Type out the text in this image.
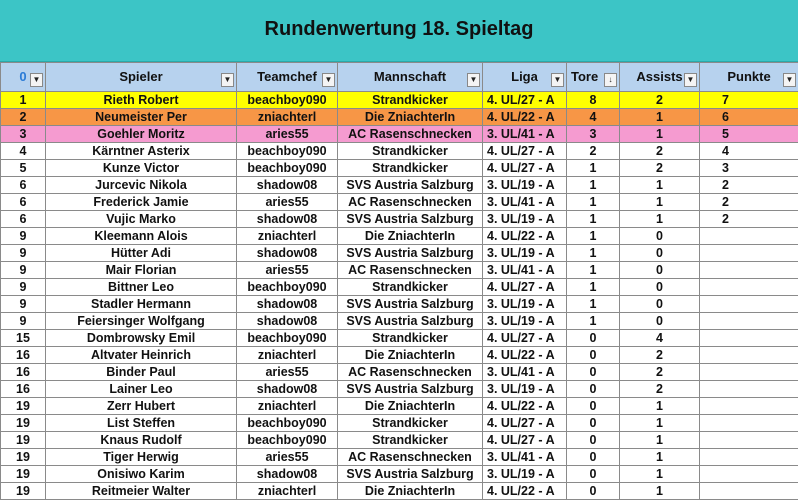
Rundenwertung 18. Spieltag
0 ▼	Spieler ▼	Teamchef ▼	Mannschaft ▼	Liga ▼	Tore ↓	Assists ▼	Punkte ▼

1	Rieth Robert	beachboy090	Strandkicker	4. UL/27 - A	8	2	7
2	Neumeister Per	zniachterl	Die ZniachterIn	4. UL/22 - A	4	1	6
3	Goehler Moritz	aries55	AC Rasenschnecken	3. UL/41 - A	3	1	5
4	Kärntner Asterix	beachboy090	Strandkicker	4. UL/27 - A	2	2	4
5	Kunze Victor	beachboy090	Strandkicker	4. UL/27 - A	1	2	3
6	Jurcevic Nikola	shadow08	SVS Austria Salzburg	3. UL/19 - A	1	1	2
6	Frederick Jamie	aries55	AC Rasenschnecken	3. UL/41 - A	1	1	2
6	Vujic Marko	shadow08	SVS Austria Salzburg	3. UL/19 - A	1	1	2
9	Kleemann Alois	zniachterl	Die ZniachterIn	4. UL/22 - A	1	0	
9	Hütter Adi	shadow08	SVS Austria Salzburg	3. UL/19 - A	1	0	
9	Mair Florian	aries55	AC Rasenschnecken	3. UL/41 - A	1	0	
9	Bittner Leo	beachboy090	Strandkicker	4. UL/27 - A	1	0	
9	Stadler Hermann	shadow08	SVS Austria Salzburg	3. UL/19 - A	1	0	
9	Feiersinger Wolfgang	shadow08	SVS Austria Salzburg	3. UL/19 - A	1	0	
15	Dombrowsky Emil	beachboy090	Strandkicker	4. UL/27 - A	0	4	
16	Altvater Heinrich	zniachterl	Die ZniachterIn	4. UL/22 - A	0	2	
16	Binder Paul	aries55	AC Rasenschnecken	3. UL/41 - A	0	2	
16	Lainer Leo	shadow08	SVS Austria Salzburg	3. UL/19 - A	0	2	
19	Zerr Hubert	zniachterl	Die ZniachterIn	4. UL/22 - A	0	1	
19	List Steffen	beachboy090	Strandkicker	4. UL/27 - A	0	1	
19	Knaus Rudolf	beachboy090	Strandkicker	4. UL/27 - A	0	1	
19	Tiger Herwig	aries55	AC Rasenschnecken	3. UL/41 - A	0	1	
19	Onisiwo Karim	shadow08	SVS Austria Salzburg	3. UL/19 - A	0	1	
19	Reitmeier Walter	zniachterl	Die ZniachterIn	4. UL/22 - A	0	1	
